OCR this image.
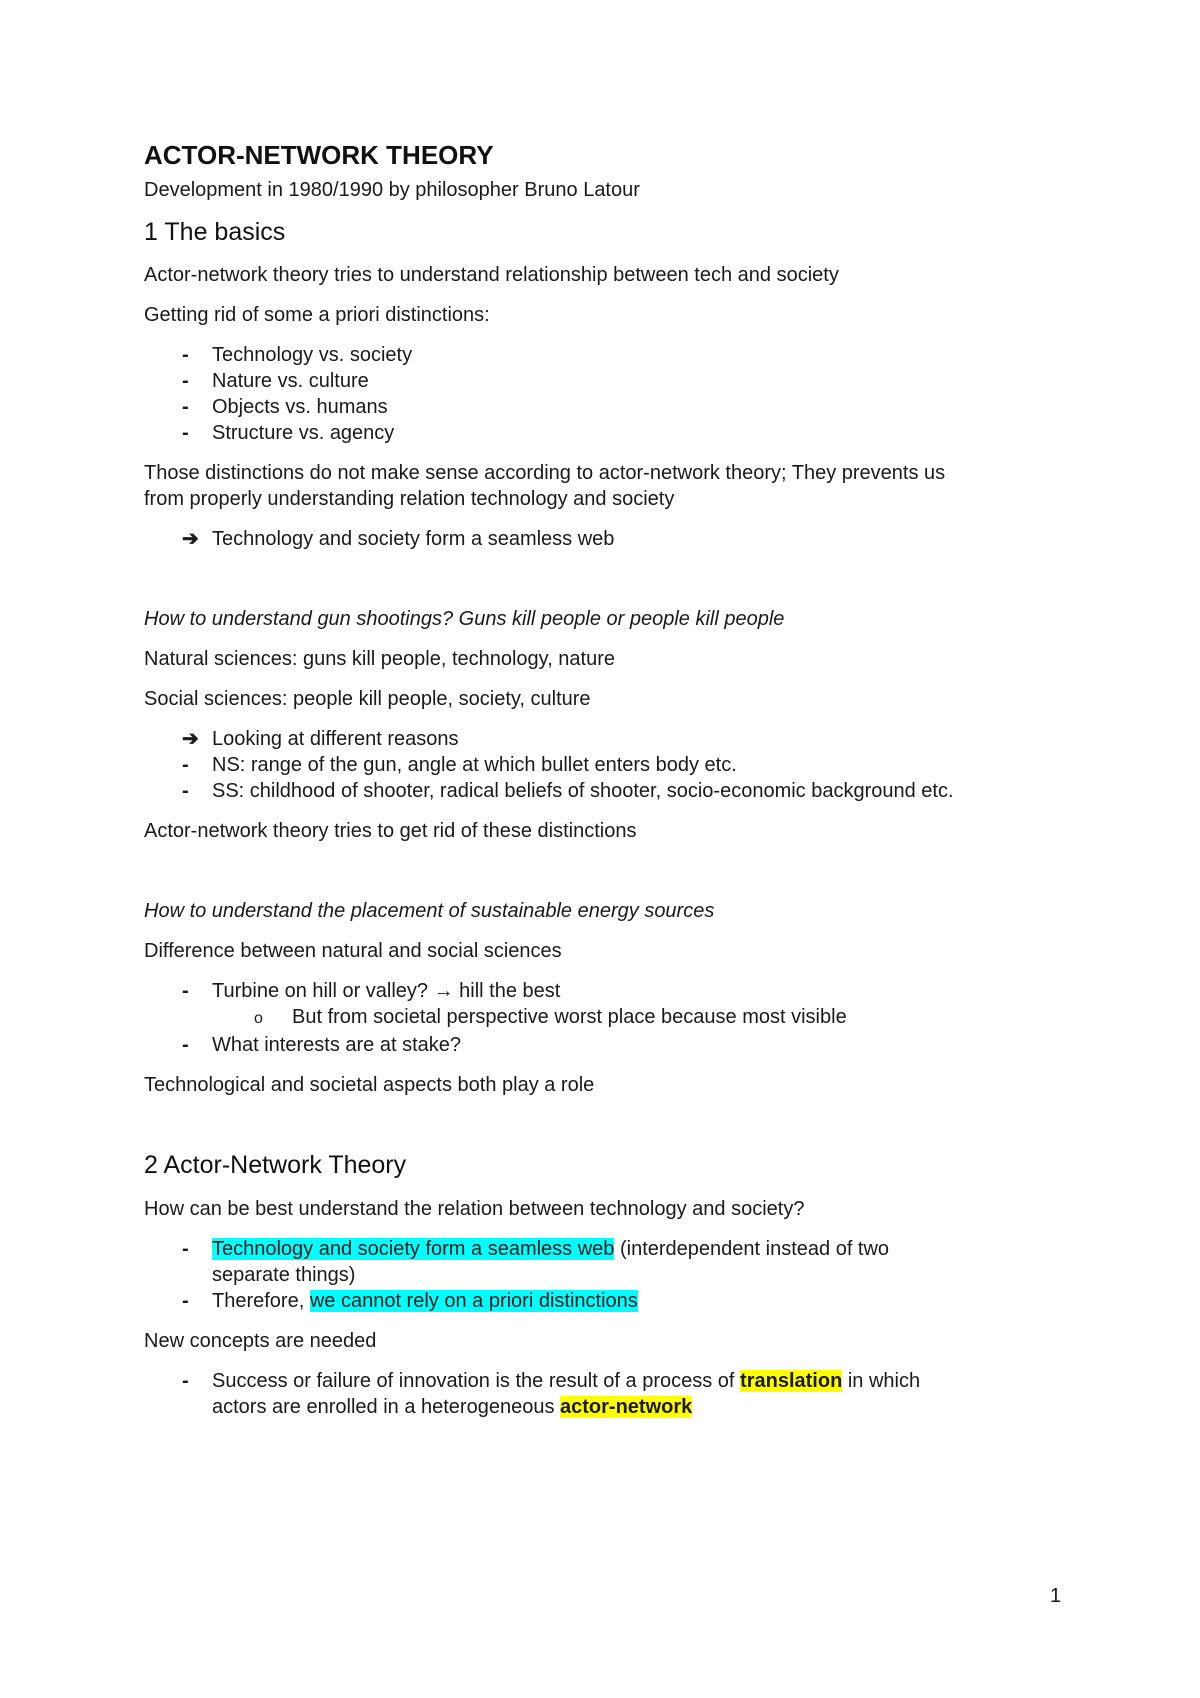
ACTOR-NETWORK THEORY
Development in 1980/1990 by philosopher Bruno Latour
1 The basics
Actor-network theory tries to understand relationship between tech and society
Getting rid of some a priori distinctions:
-	Technology vs. society
-	Nature vs. culture
-	Objects vs. humans
-	Structure vs. agency
Those distinctions do not make sense according to actor-network theory; They prevents us
from properly understanding relation technology and society
➔ Technology and society form a seamless web
How to understand gun shootings? Guns kill people or people kill people
Natural sciences: guns kill people, technology, nature
Social sciences: people kill people, society, culture
➔ Looking at different reasons
-	NS: range of the gun, angle at which bullet enters body etc.
-	SS: childhood of shooter, radical beliefs of shooter, socio-economic background etc.
Actor-network theory tries to get rid of these distinctions
How to understand the placement of sustainable energy sources
Difference between natural and social sciences
-	Turbine on hill or valley? → hill the best
o But from societal perspective worst place because most visible
-	What interests are at stake?
Technological and societal aspects both play a role
2 Actor-Network Theory
How can be best understand the relation between technology and society?
-	Technology and society form a seamless web (interdependent instead of two
separate things)
-	Therefore, we cannot rely on a priori distinctions
New concepts are needed
-	Success or failure of innovation is the result of a process of translation in which
actors are enrolled in a heterogeneous actor-network
1
